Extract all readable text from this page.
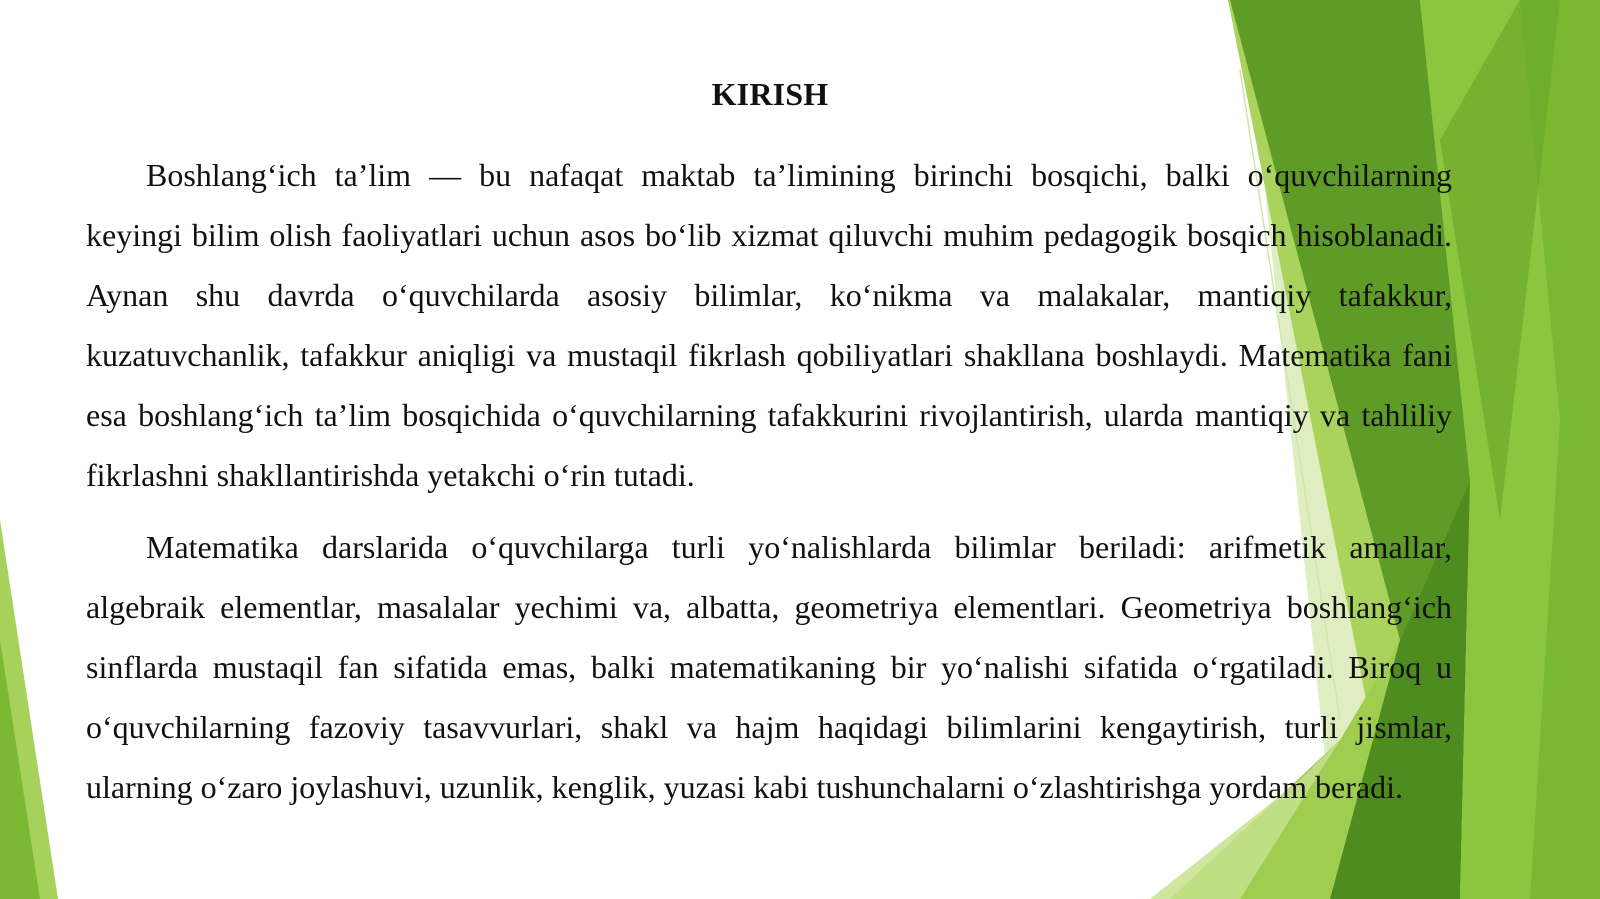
KIRISH

Boshlang‘ich ta’lim — bu nafaqat maktab ta’limining birinchi bosqichi, balki o‘quvchilarning keyingi bilim olish faoliyatlari uchun asos bo‘lib xizmat qiluvchi muhim pedagogik bosqich hisoblanadi. Aynan shu davrda o‘quvchilarda asosiy bilimlar, ko‘nikma va malakalar, mantiqiy tafakkur, kuzatuvchanlik, tafakkur aniqligi va mustaqil fikrlash qobiliyatlari shakllana boshlaydi. Matematika fani esa boshlang‘ich ta’lim bosqichida o‘quvchilarning tafakkurini rivojlantirish, ularda mantiqiy va tahliliy fikrlashni shakllantirishda yetakchi o‘rin tutadi.

Matematika darslarida o‘quvchilarga turli yo‘nalishlarda bilimlar beriladi: arifmetik amallar, algebraik elementlar, masalalar yechimi va, albatta, geometriya elementlari. Geometriya boshlang‘ich sinflarda mustaqil fan sifatida emas, balki matematikaning bir yo‘nalishi sifatida o‘rgatiladi. Biroq u o‘quvchilarning fazoviy tasavvurlari, shakl va hajm haqidagi bilimlarini kengaytirish, turli jismlar, ularning o‘zaro joylashuvi, uzunlik, kenglik, yuzasi kabi tushunchalarni o‘zlashtirishga yordam beradi.
